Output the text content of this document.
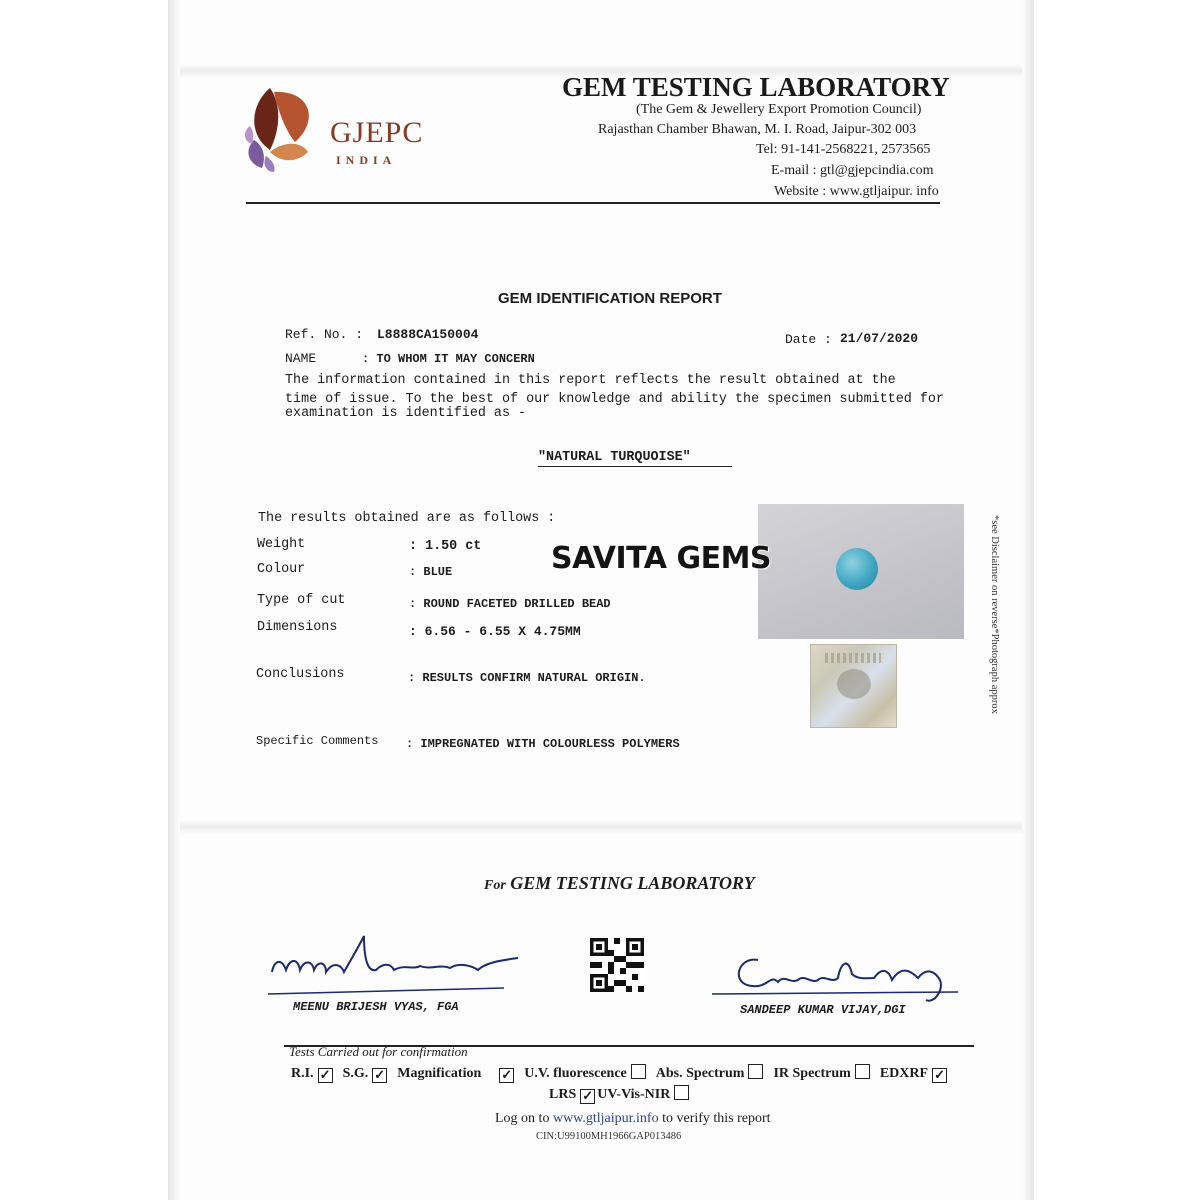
GJEPC
INDIA
GEM TESTING LABORATORY
(The Gem & Jewellery Export Promotion Council)
Rajasthan Chamber Bhawan, M. I. Road, Jaipur-302 003
Tel: 91-141-2568221, 2573565
E-mail : gtl@gjepcindia.com
Website : www.gtljaipur. info
GEM IDENTIFICATION REPORT
Ref. No. : L8888CA150004	Date : 21/07/2020
NAME	: TO WHOM IT MAY CONCERN
The information contained in this report reflects the result obtained at the
time of issue. To the best of our knowledge and ability the specimen submitted for
examination is identified as -
"NATURAL TURQUOISE"
The results obtained are as follows :
Weight	: 1.50 ct
Colour	: BLUE
Type of cut	: ROUND FACETED DRILLED BEAD
Dimensions	: 6.56 - 6.55 X 4.75MM
Conclusions	: RESULTS CONFIRM NATURAL ORIGIN.
Specific Comments : IMPREGNATED WITH COLOURLESS POLYMERS
SAVITA GEMS	*see Disclaimer on reverse*Photograph approx
For GEM TESTING LABORATORY
MEENU BRIJESH VYAS, FGA	SANDEEP KUMAR VIJAY,DGI
Tests Carried out for confirmation
R.I. ✓ S.G. ✓ Magnification ✓ U.V. fluorescence Abs. Spectrum IR Spectrum EDXRF ✓
LRS ✓ UV-Vis-NIR
Log on to www.gtljaipur.info to verify this report
CIN:U99100MH1966GAP013486
